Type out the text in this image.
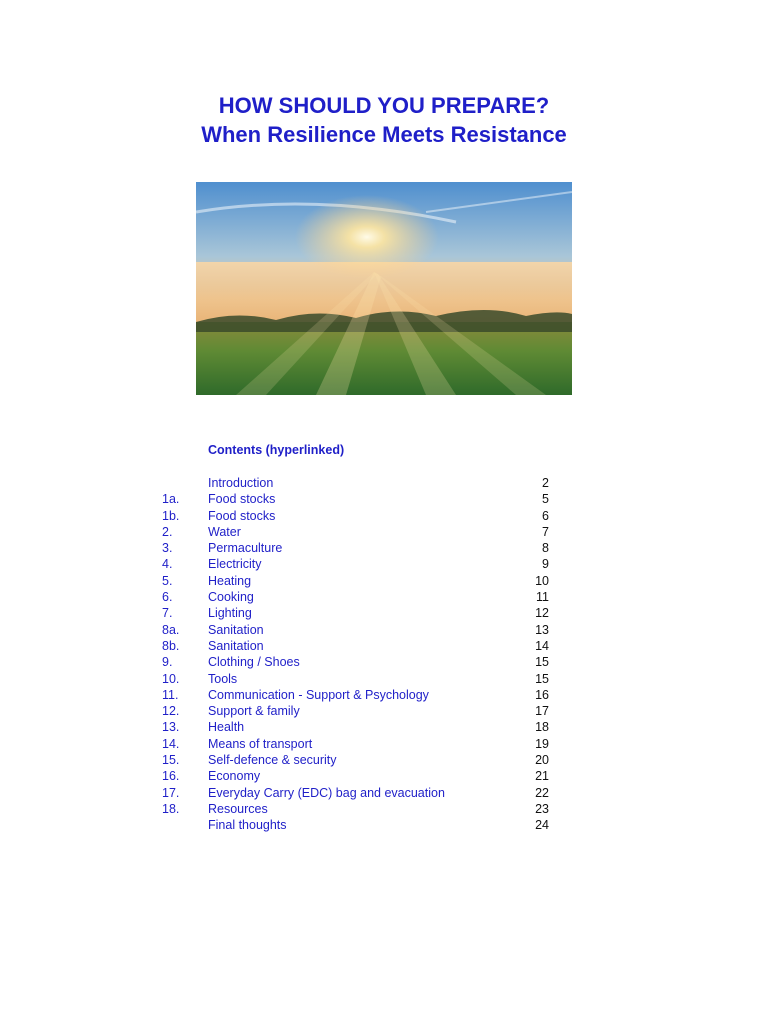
HOW SHOULD YOU PREPARE?
When Resilience Meets Resistance

Contents (hyperlinked)

Introduction	2
1a. Food stocks	5
1b. Food stocks	6
2.	Water	7
3.	Permaculture	8
4.	Electricity	9
5.	Heating	10
6.	Cooking	11
7.	Lighting	12
8a. Sanitation	13
8b. Sanitation	14
9.	Clothing / Shoes	15
10. Tools	15
11. Communication - Support & Psychology	16
12. Support & family	17
13. Health	18
14. Means of transport	19
15. Self-defence & security	20
16. Economy	21
17. Everyday Carry (EDC) bag and evacuation	22
18. Resources	23
Final thoughts	24
